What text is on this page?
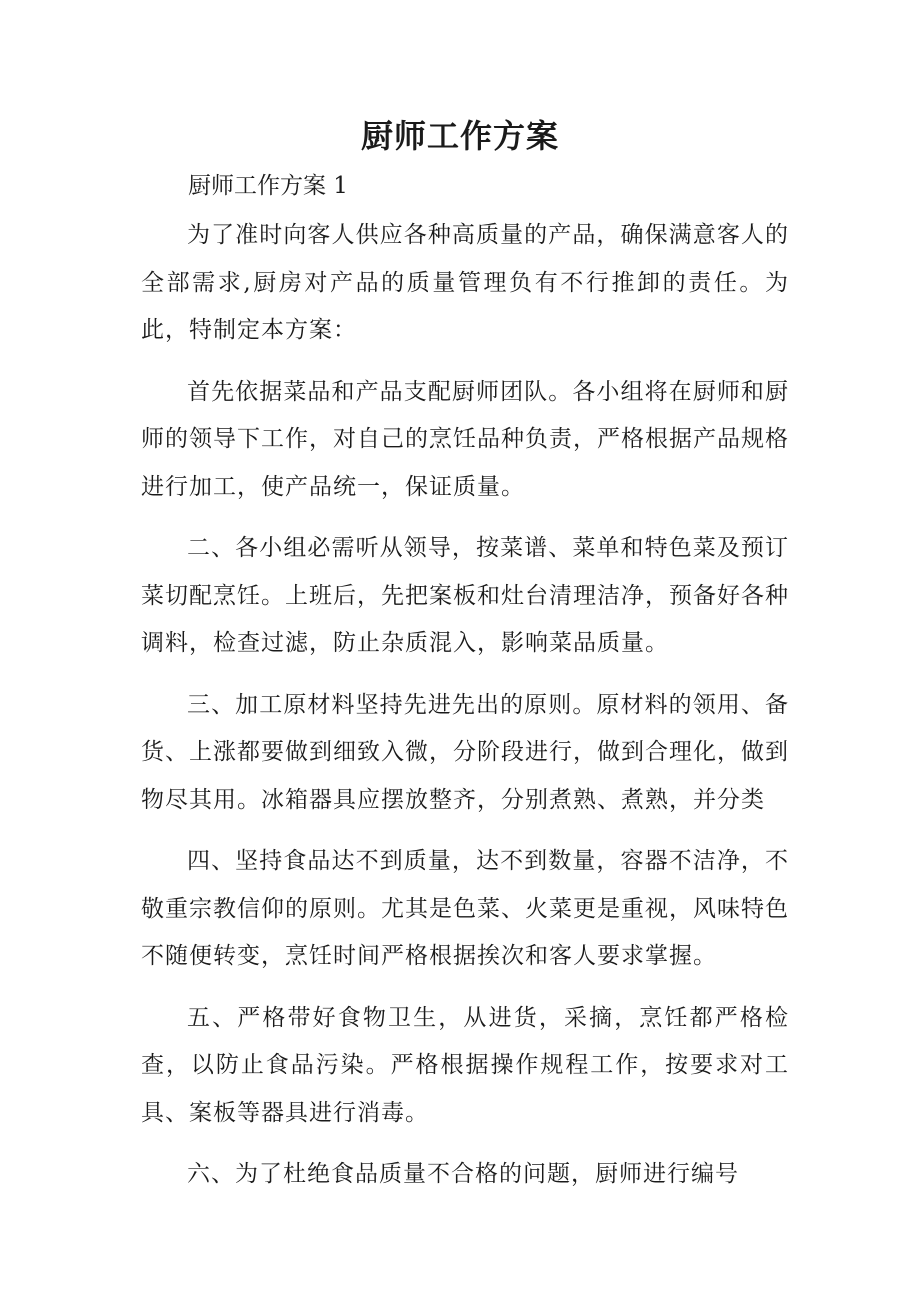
厨师工作方案

厨师工作方案 1

为了准时向客人供应各种高质量的产品，确保满意客人的全部需求,厨房对产品的质量管理负有不行推卸的责任。为此，特制定本方案：

首先依据菜品和产品支配厨师团队。各小组将在厨师和厨师的领导下工作，对自己的烹饪品种负责，严格根据产品规格进行加工，使产品统一，保证质量。

二、各小组必需听从领导，按菜谱、菜单和特色菜及预订菜切配烹饪。上班后，先把案板和灶台清理洁净，预备好各种调料，检查过滤，防止杂质混入，影响菜品质量。

三、加工原材料坚持先进先出的原则。原材料的领用、备货、上涨都要做到细致入微，分阶段进行，做到合理化，做到物尽其用。冰箱器具应摆放整齐，分别煮熟、煮熟，并分类

四、坚持食品达不到质量，达不到数量，容器不洁净，不敬重宗教信仰的原则。尤其是色菜、火菜更是重视，风味特色不随便转变，烹饪时间严格根据挨次和客人要求掌握。

五、严格带好食物卫生，从进货，采摘，烹饪都严格检查，以防止食品污染。严格根据操作规程工作，按要求对工具、案板等器具进行消毒。

六、为了杜绝食品质量不合格的问题，厨师进行编号
